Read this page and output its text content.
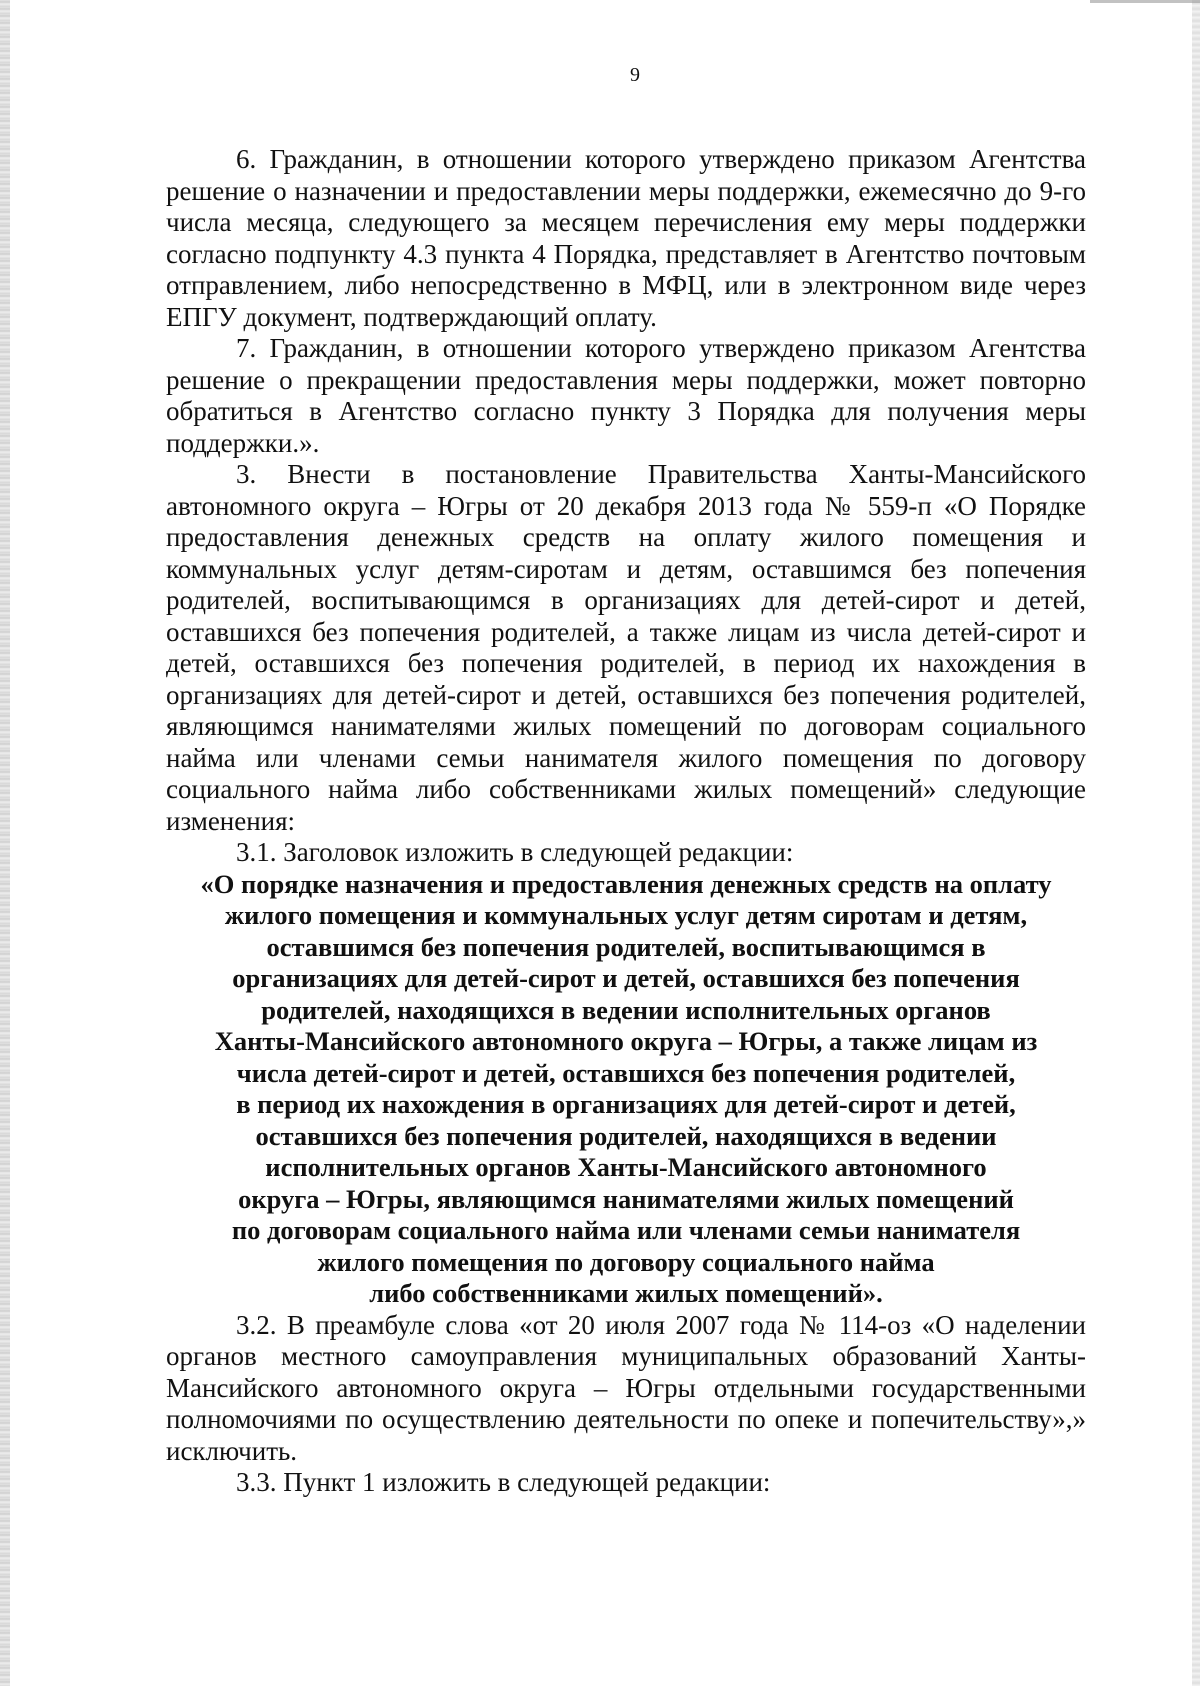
9

6. Гражданин, в отношении которого утверждено приказом Агентства решение о назначении и предоставлении меры поддержки, ежемесячно до 9-го числа месяца, следующего за месяцем перечисления ему меры поддержки согласно подпункту 4.3 пункта 4 Порядка, представляет в Агентство почтовым отправлением, либо непосредственно в МФЦ, или в электронном виде через ЕПГУ документ, подтверждающий оплату.

7. Гражданин, в отношении которого утверждено приказом Агентства решение о прекращении предоставления меры поддержки, может повторно обратиться в Агентство согласно пункту 3 Порядка для получения меры поддержки.».

3. Внести в постановление Правительства Ханты-Мансийского автономного округа – Югры от 20 декабря 2013 года № 559-п «О Порядке предоставления денежных средств на оплату жилого помещения и коммунальных услуг детям-сиротам и детям, оставшимся без попечения родителей, воспитывающимся в организациях для детей-сирот и детей, оставшихся без попечения родителей, а также лицам из числа детей-сирот и детей, оставшихся без попечения родителей, в период их нахождения в организациях для детей-сирот и детей, оставшихся без попечения родителей, являющимся нанимателями жилых помещений по договорам социального найма или членами семьи нанимателя жилого помещения по договору социального найма либо собственниками жилых помещений» следующие изменения:

3.1. Заголовок изложить в следующей редакции:

«О порядке назначения и предоставления денежных средств на оплату
жилого помещения и коммунальных услуг детям сиротам и детям,
оставшимся без попечения родителей, воспитывающимся в
организациях для детей-сирот и детей, оставшихся без попечения
родителей, находящихся в ведении исполнительных органов
Ханты-Мансийского автономного округа – Югры, а также лицам из
числа детей-сирот и детей, оставшихся без попечения родителей,
в период их нахождения в организациях для детей-сирот и детей,
оставшихся без попечения родителей, находящихся в ведении
исполнительных органов Ханты-Мансийского автономного
округа – Югры, являющимся нанимателями жилых помещений
по договорам социального найма или членами семьи нанимателя
жилого помещения по договору социального найма
либо собственниками жилых помещений».

3.2. В преамбуле слова «от 20 июля 2007 года № 114-оз «О наделении органов местного самоуправления муниципальных образований Ханты-Мансийского автономного округа – Югры отдельными государственными полномочиями по осуществлению деятельности по опеке и попечительству»,» исключить.

3.3. Пункт 1 изложить в следующей редакции:
